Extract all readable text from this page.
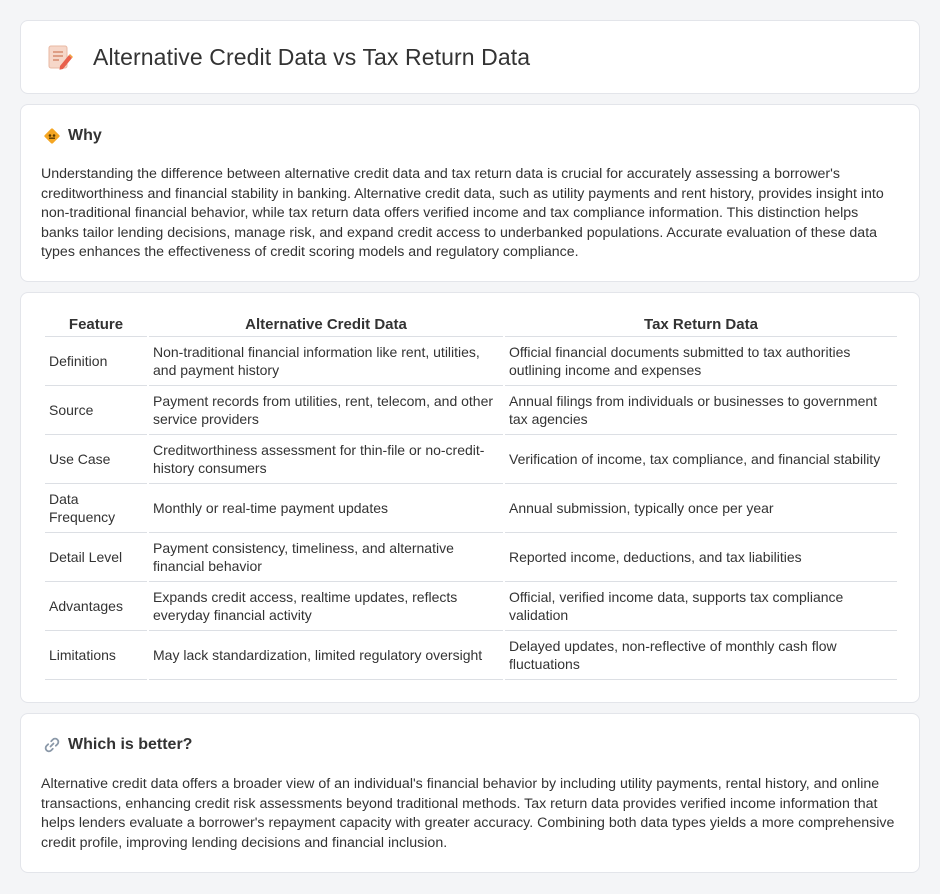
Alternative Credit Data vs Tax Return Data
Why

Understanding the difference between alternative credit data and tax return data is crucial for accurately assessing a borrower's creditworthiness and financial stability in banking. Alternative credit data, such as utility payments and rent history, provides insight into non-traditional financial behavior, while tax return data offers verified income and tax compliance information. This distinction helps banks tailor lending decisions, manage risk, and expand credit access to underbanked populations. Accurate evaluation of these data types enhances the effectiveness of credit scoring models and regulatory compliance.

Feature	Alternative Credit Data	Tax Return Data
Definition	Non-traditional financial information like rent, utilities, and payment history	Official financial documents submitted to tax authorities outlining income and expenses
Source	Payment records from utilities, rent, telecom, and other service providers	Annual filings from individuals or businesses to government tax agencies
Use Case	Creditworthiness assessment for thin-file or no-credit-history consumers	Verification of income, tax compliance, and financial stability
Data Frequency	Monthly or real-time payment updates	Annual submission, typically once per year
Detail Level	Payment consistency, timeliness, and alternative financial behavior	Reported income, deductions, and tax liabilities
Advantages	Expands credit access, realtime updates, reflects everyday financial activity	Official, verified income data, supports tax compliance validation
Limitations	May lack standardization, limited regulatory oversight	Delayed updates, non-reflective of monthly cash flow fluctuations
Which is better?

Alternative credit data offers a broader view of an individual's financial behavior by including utility payments, rental history, and online transactions, enhancing credit risk assessments beyond traditional methods. Tax return data provides verified income information that helps lenders evaluate a borrower's repayment capacity with greater accuracy. Combining both data types yields a more comprehensive credit profile, improving lending decisions and financial inclusion.
